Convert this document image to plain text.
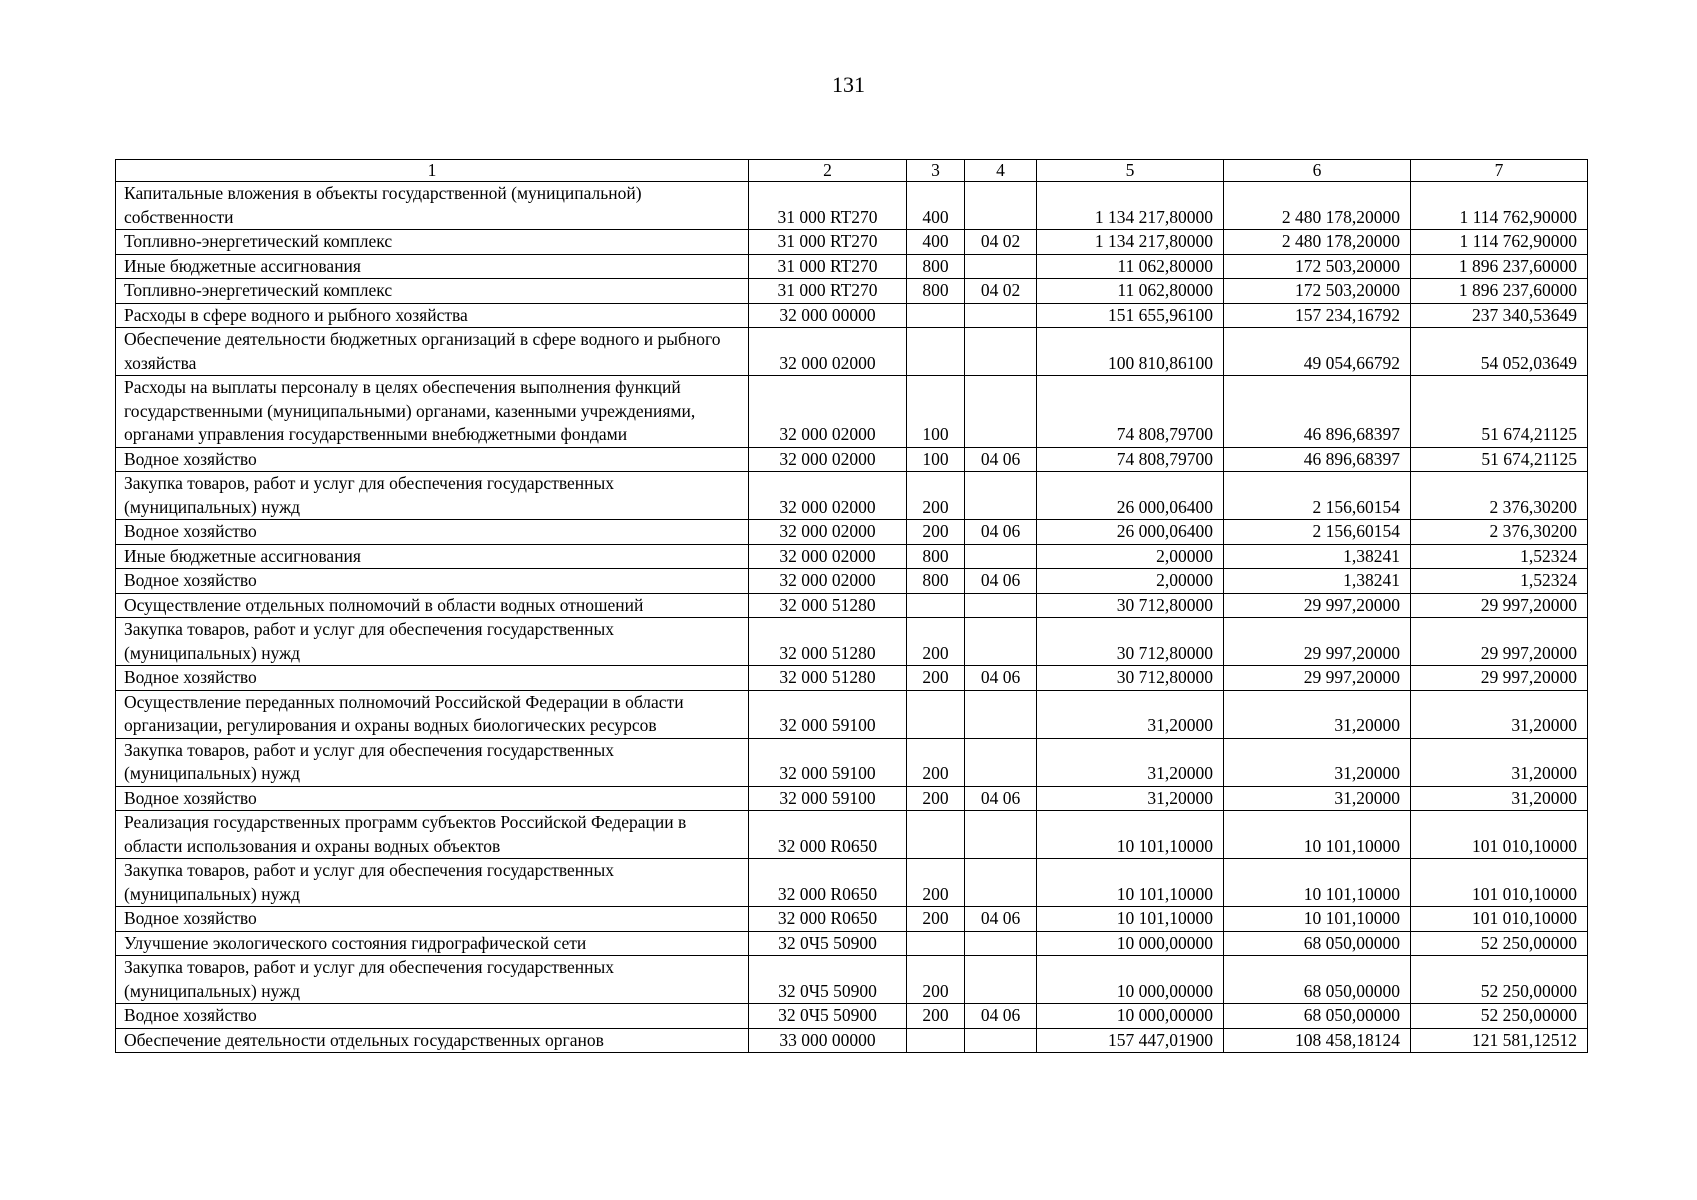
131
1	2	3	4	5	6	7
Капитальные вложения в объекты государственной (муниципальной) собственности	31 000 RT270	400		1 134 217,80000	2 480 178,20000	1 114 762,90000
Топливно-энергетический комплекс	31 000 RT270	400	04 02	1 134 217,80000	2 480 178,20000	1 114 762,90000
Иные бюджетные ассигнования	31 000 RT270	800		11 062,80000	172 503,20000	1 896 237,60000
Топливно-энергетический комплекс	31 000 RT270	800	04 02	11 062,80000	172 503,20000	1 896 237,60000
Расходы в сфере водного и рыбного хозяйства	32 000 00000			151 655,96100	157 234,16792	237 340,53649
Обеспечение деятельности бюджетных организаций в сфере водного и рыбного хозяйства	32 000 02000			100 810,86100	49 054,66792	54 052,03649
Расходы на выплаты персоналу в целях обеспечения выполнения функций государственными (муниципальными) органами, казенными учреждениями, органами управления государственными внебюджетными фондами	32 000 02000	100		74 808,79700	46 896,68397	51 674,21125
Водное хозяйство	32 000 02000	100	04 06	74 808,79700	46 896,68397	51 674,21125
Закупка товаров, работ и услуг для обеспечения государственных (муниципальных) нужд	32 000 02000	200		26 000,06400	2 156,60154	2 376,30200
Водное хозяйство	32 000 02000	200	04 06	26 000,06400	2 156,60154	2 376,30200
Иные бюджетные ассигнования	32 000 02000	800		2,00000	1,38241	1,52324
Водное хозяйство	32 000 02000	800	04 06	2,00000	1,38241	1,52324
Осуществление отдельных полномочий в области водных отношений	32 000 51280			30 712,80000	29 997,20000	29 997,20000
Закупка товаров, работ и услуг для обеспечения государственных (муниципальных) нужд	32 000 51280	200		30 712,80000	29 997,20000	29 997,20000
Водное хозяйство	32 000 51280	200	04 06	30 712,80000	29 997,20000	29 997,20000
Осуществление переданных полномочий Российской Федерации в области организации, регулирования и охраны водных биологических ресурсов	32 000 59100			31,20000	31,20000	31,20000
Закупка товаров, работ и услуг для обеспечения государственных (муниципальных) нужд	32 000 59100	200		31,20000	31,20000	31,20000
Водное хозяйство	32 000 59100	200	04 06	31,20000	31,20000	31,20000
Реализация государственных программ субъектов Российской Федерации в области использования и охраны водных объектов	32 000 R0650			10 101,10000	10 101,10000	101 010,10000
Закупка товаров, работ и услуг для обеспечения государственных (муниципальных) нужд	32 000 R0650	200		10 101,10000	10 101,10000	101 010,10000
Водное хозяйство	32 000 R0650	200	04 06	10 101,10000	10 101,10000	101 010,10000
Улучшение экологического состояния гидрографической сети	32 0Ч5 50900			10 000,00000	68 050,00000	52 250,00000
Закупка товаров, работ и услуг для обеспечения государственных (муниципальных) нужд	32 0Ч5 50900	200		10 000,00000	68 050,00000	52 250,00000
Водное хозяйство	32 0Ч5 50900	200	04 06	10 000,00000	68 050,00000	52 250,00000
Обеспечение деятельности отдельных государственных органов	33 000 00000			157 447,01900	108 458,18124	121 581,12512
